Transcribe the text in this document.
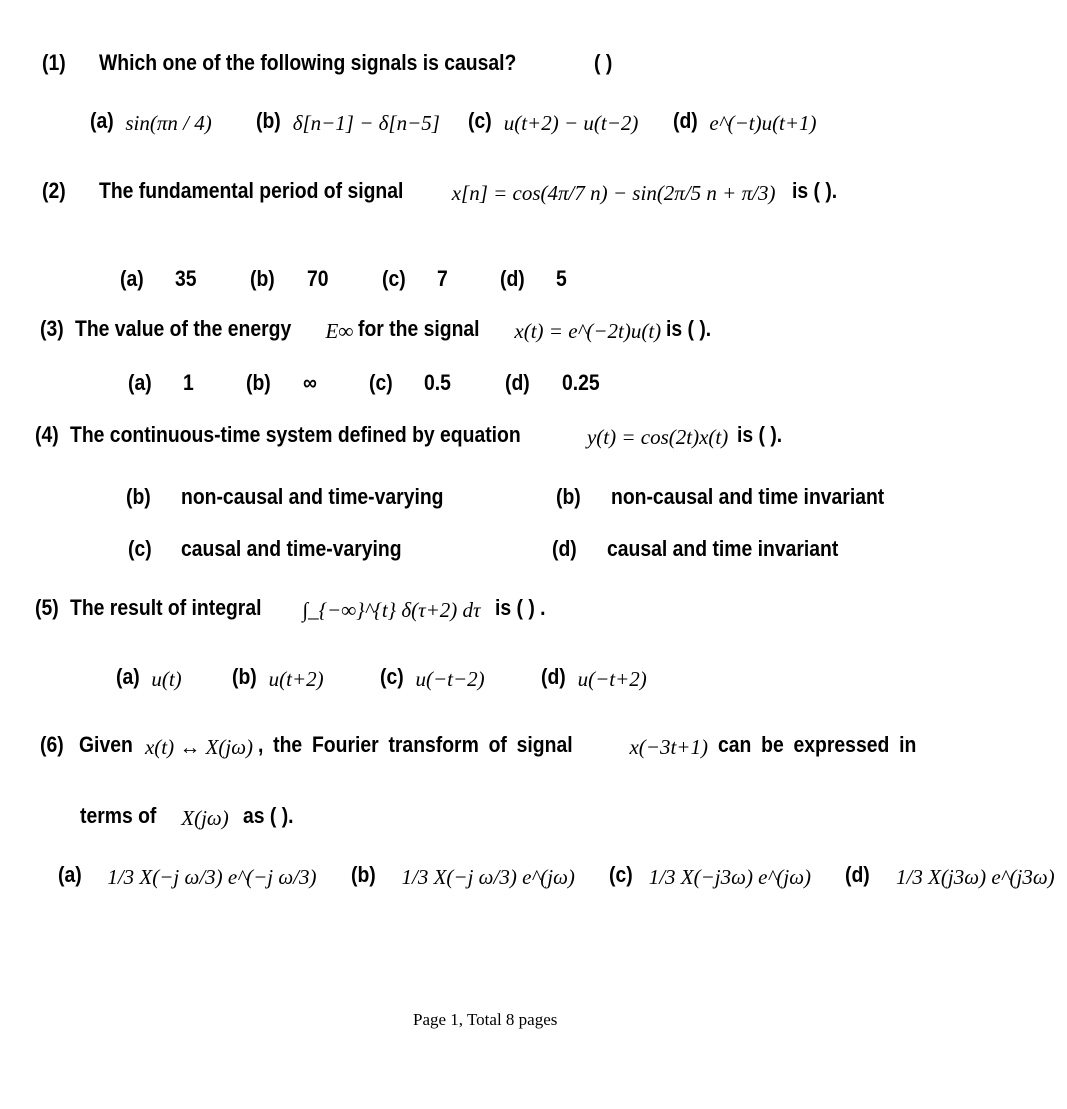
(1) Which one of the following signals is causal?	( )
(a) sin(πn / 4) (b) δ[n−1] − δ[n−5] (c) u(t+2) − u(t−2) (d) e^(−t)u(t+1)
(2) The fundamental period of signal x[n] = cos(4π/7 n) − sin(2π/5 n + π/3) is ( ).
(a) 35 (b) 70 (c) 7 (d) 5
(3) The value of the energy E∞ for the signal x(t) = e^(−2t)u(t) is ( ).
(a) 1 (b) ∞ (c) 0.5 (d) 0.25
(4) The continuous-time system defined by equation	y(t) = cos(2t)x(t) is ( ).
(b) non-causal and time-varying	(b) non-causal and time invariant
(c) causal and time-varying	(d) causal and time invariant
(5) The result of integral ∫_{−∞}^{t} δ(τ+2) dτ is ( ) .
(a) u(t) (b) u(t+2)	(c) u(−t−2)	(d) u(−t+2)
(6) Given x(t) ↔ X(jω) , the Fourier transform of signal	x(−3t+1) can be expressed in
terms of X(jω) as ( ).
(a) 1/3 X(−j ω/3) e^(−j ω/3) (b) 1/3 X(−j ω/3) e^(jω) (c) 1/3 X(−j3ω) e^(jω) (d) 1/3 X(j3ω) e^(j3ω)
Page 1, Total 8 pages
